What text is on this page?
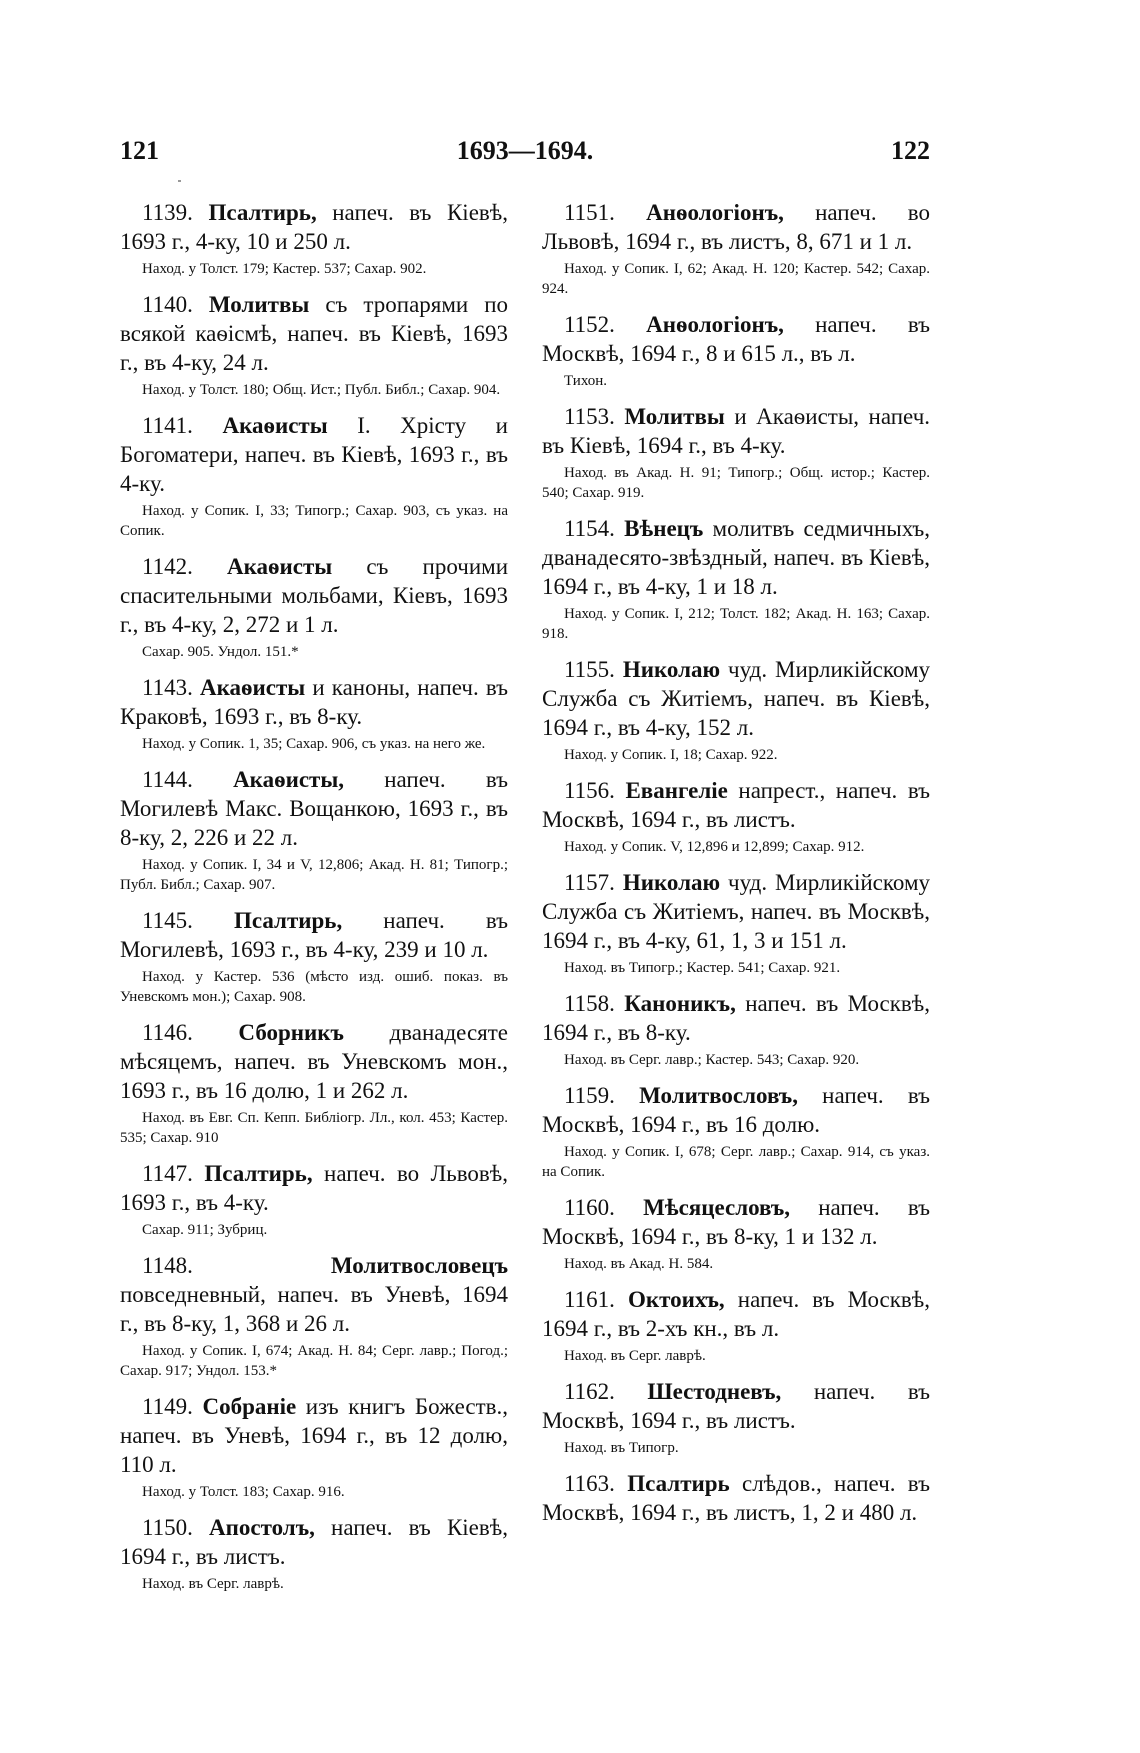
121	1693—1694.	122

1139. Псалтирь, напеч. въ Кіевѣ, 1693 г., 4-ку, 10 и 250 л.

Наход. у Толст. 179; Кастер. 537; Сахар. 902.

1140. Молитвы съ тропарями по всякой каѳісмѣ, напеч. въ Кіевѣ, 1693 г., въ 4-ку, 24 л.

Наход. у Толст. 180; Общ. Ист.; Публ. Библ.; Сахар. 904.

1141. Акаѳисты І. Хрісту и Богоматери, напеч. въ Кіевѣ, 1693 г., въ 4-ку.

Наход. у Сопик. I, 33; Типогр.; Сахар. 903, съ указ. на Сопик.

1142. Акаѳисты съ прочими спасительными мольбами, Кіевъ, 1693 г., въ 4-ку, 2, 272 и 1 л.

Сахар. 905. Ундол. 151.*

1143. Акаѳисты и каноны, напеч. въ Краковѣ, 1693 г., въ 8-ку.

Наход. у Сопик. 1, 35; Сахар. 906, съ указ. на него же.

1144. Акаѳисты, напеч. въ Могилевѣ Макс. Вощанкою, 1693 г., въ 8-ку, 2, 226 и 22 л.

Наход. у Сопик. I, 34 и V, 12,806; Акад. Н. 81; Типогр.; Публ. Библ.; Сахар. 907.

1145. Псалтирь, напеч. въ Могилевѣ, 1693 г., въ 4-ку, 239 и 10 л.

Наход. у Кастер. 536 (мѣсто изд. ошиб. показ. въ Уневскомъ мон.); Сахар. 908.

1146. Сборникъ дванадесяте мѣсяцемъ, напеч. въ Уневскомъ мон., 1693 г., въ 16 долю, 1 и 262 л.

Наход. въ Евг. Сп. Кепп. Библіогр. Лл., кол. 453; Кастер. 535; Сахар. 910

1147. Псалтирь, напеч. во Львовѣ, 1693 г., въ 4-ку.

Сахар. 911; Зубриц.

1148.	Молитвословецъ повседневный, напеч. въ Уневѣ, 1694 г., въ 8-ку, 1, 368 и 26 л.

Наход. у Сопик. I, 674; Акад. Н. 84; Серг. лавр.; Погод.; Сахар. 917; Ундол. 153.*

1149. Собраніе изъ книгъ Божеств., напеч. въ Уневѣ, 1694 г., въ 12 долю, 110 л.

Наход. у Толст. 183; Сахар. 916.

1150. Апостолъ, напеч. въ Кіевѣ, 1694 г., въ листъ.

Наход. въ Серг. лаврѣ.

1151. Анѳологіонъ, напеч. во Львовѣ, 1694 г., въ листъ, 8, 671 и 1 л.

Наход. у Сопик. I, 62; Акад. Н. 120; Кастер. 542; Сахар. 924.

1152. Анѳологіонъ, напеч. въ Москвѣ, 1694 г., 8 и 615 л., въ л.

Тихон.

1153. Молитвы и Акаѳисты, напеч. въ Кіевѣ, 1694 г., въ 4-ку.

Наход. въ Акад. Н. 91; Типогр.; Общ. истор.; Кастер. 540; Сахар. 919.

1154. Вѣнецъ молитвъ седмичныхъ, дванадесято-звѣздный, напеч. въ Кіевѣ, 1694 г., въ 4-ку, 1 и 18 л.

Наход. у Сопик. I, 212; Толст. 182; Акад. Н. 163; Сахар. 918.

1155. Николаю чуд. Мирликійскому Служба съ Житіемъ, напеч. въ Кіевѣ, 1694 г., въ 4-ку, 152 л.

Наход. у Сопик. I, 18; Сахар. 922.

1156. Евангеліе напрест., напеч. въ Москвѣ, 1694 г., въ листъ.

Наход. у Сопик. V, 12,896 и 12,899; Сахар. 912.

1157. Николаю чуд. Мирликійскому Служба съ Житіемъ, напеч. въ Москвѣ, 1694 г., въ 4-ку, 61, 1, 3 и 151 л.

Наход. въ Типогр.; Кастер. 541; Сахар. 921.

1158. Каноникъ, напеч. въ Москвѣ, 1694 г., въ 8-ку.

Наход. въ Серг. лавр.; Кастер. 543; Сахар. 920.

1159. Молитвословъ, напеч. въ Москвѣ, 1694 г., въ 16 долю.

Наход. у Сопик. I, 678; Серг. лавр.; Сахар. 914, съ указ. на Сопик.

1160. Мѣсяцесловъ, напеч. въ Москвѣ, 1694 г., въ 8-ку, 1 и 132 л.

Наход. въ Акад. Н. 584.

1161. Октоихъ, напеч. въ Москвѣ, 1694 г., въ 2-хъ кн., въ л.

Наход. въ Серг. лаврѣ.

1162. Шестодневъ, напеч. въ Москвѣ, 1694 г., въ листъ.

Наход. въ Типогр.

1163. Псалтирь слѣдов., напеч. въ Москвѣ, 1694 г., въ листъ, 1, 2 и 480 л.
